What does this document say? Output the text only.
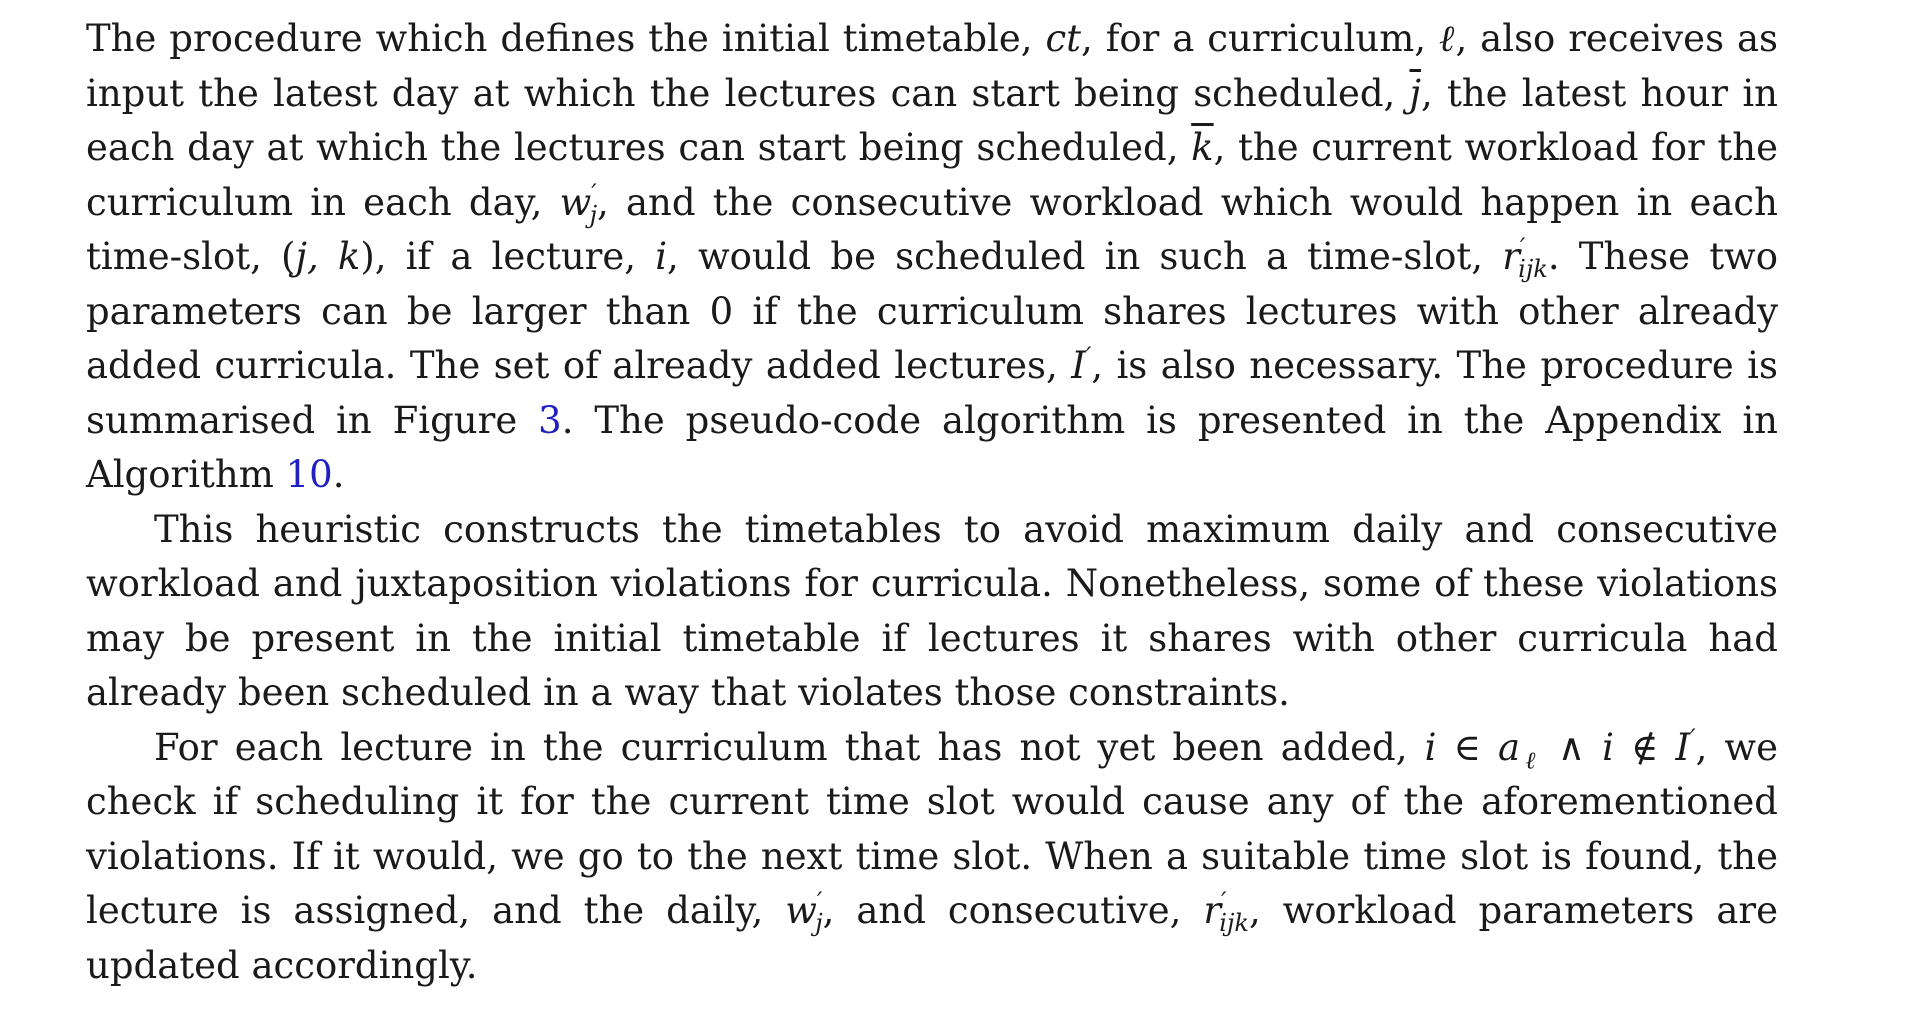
The procedure which defines the initial timetable, ct, for a curriculum, ℓ, also receives as input the latest day at which the lectures can start being scheduled, $\overline{j}$, the latest hour in each day at which the lectures can start being scheduled, $\overline{k}$, the current workload for the curriculum in each day, $w'_j$, and the consecutive workload which would happen in each time-slot, (j, k), if a lecture, i, would be scheduled in such a time-slot, $r'_{ijk}$. These two parameters can be larger than 0 if the curriculum shares lectures with other already added curricula. The set of already added lectures, I′, is also necessary. The procedure is summarised in Figure 3. The pseudo-code algorithm is presented in the Appendix in Algorithm 10.

This heuristic constructs the timetables to avoid maximum daily and consecutive workload and juxtaposition violations for curricula. Nonetheless, some of these violations may be present in the initial timetable if lectures it shares with other curricula had already been scheduled in a way that violates those constraints.

For each lecture in the curriculum that has not yet been added, i ∈ $a_\ell$ ∧ i ∉ I′, we check if scheduling it for the current time slot would cause any of the aforementioned violations. If it would, we go to the next time slot. When a suitable time slot is found, the lecture is assigned, and the daily, $w'_j$, and consecutive, $r'_{ijk}$, workload parameters are updated accordingly.
